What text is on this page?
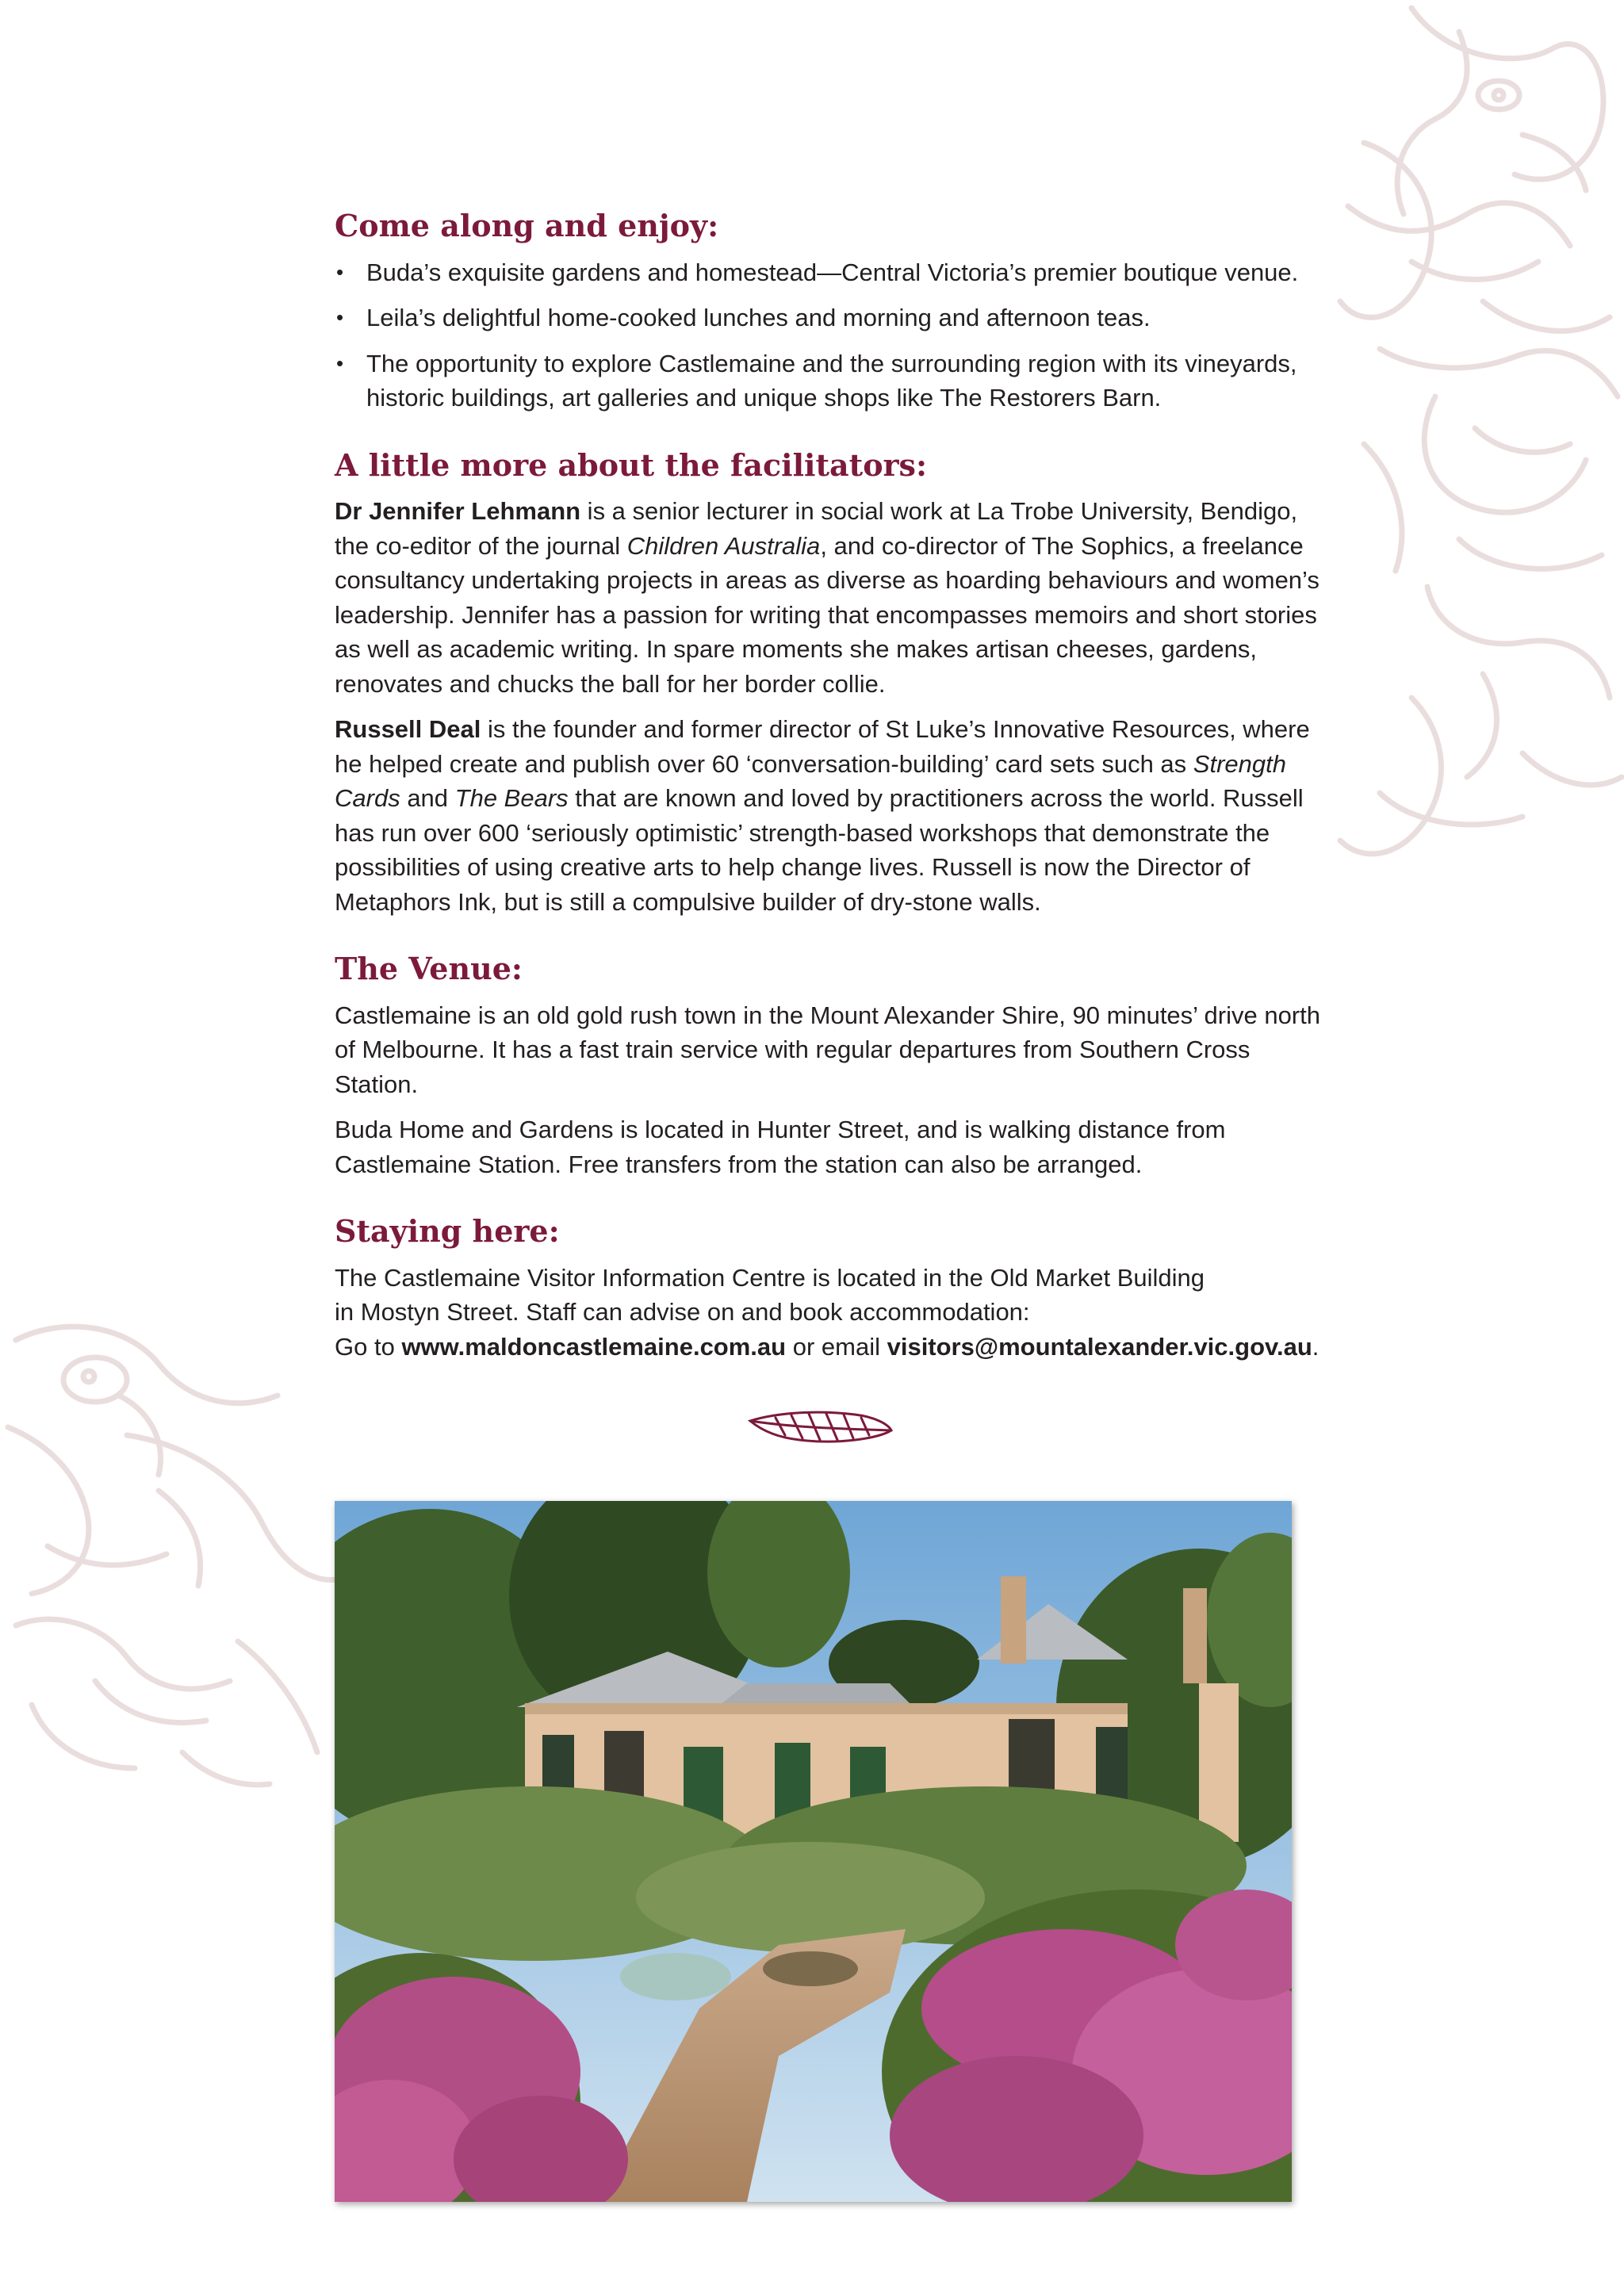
Come along and enjoy:
• Buda’s exquisite gardens and homestead—Central Victoria’s premier boutique venue.
• Leila’s delightful home-cooked lunches and morning and afternoon teas.
• The opportunity to explore Castlemaine and the surrounding region with its vineyards, historic buildings, art galleries and unique shops like The Restorers Barn.
A little more about the facilitators:

Dr Jennifer Lehmann is a senior lecturer in social work at La Trobe University, Bendigo, the co-editor of the journal Children Australia, and co-director of The Sophics, a freelance consultancy undertaking projects in areas as diverse as hoarding behaviours and women’s leadership. Jennifer has a passion for writing that encompasses memoirs and short stories as well as academic writing. In spare moments she makes artisan cheeses, gardens, renovates and chucks the ball for her border collie.

Russell Deal is the founder and former director of St Luke’s Innovative Resources, where he helped create and publish over 60 ‘conversation-building’ card sets such as Strength Cards and The Bears that are known and loved by practitioners across the world. Russell has run over 600 ‘seriously optimistic’ strength-based workshops that demonstrate the possibilities of using creative arts to help change lives. Russell is now the Director of Metaphors Ink, but is still a compulsive builder of dry-stone walls.

The Venue:

Castlemaine is an old gold rush town in the Mount Alexander Shire, 90 minutes’ drive north of Melbourne. It has a fast train service with regular departures from Southern Cross Station.

Buda Home and Gardens is located in Hunter Street, and is walking distance from Castlemaine Station. Free transfers from the station can also be arranged.

Staying here:

The Castlemaine Visitor Information Centre is located in the Old Market Building
in Mostyn Street. Staff can advise on and book accommodation:
Go to www.maldoncastlemaine.com.au or email visitors@mountalexander.vic.gov.au.
